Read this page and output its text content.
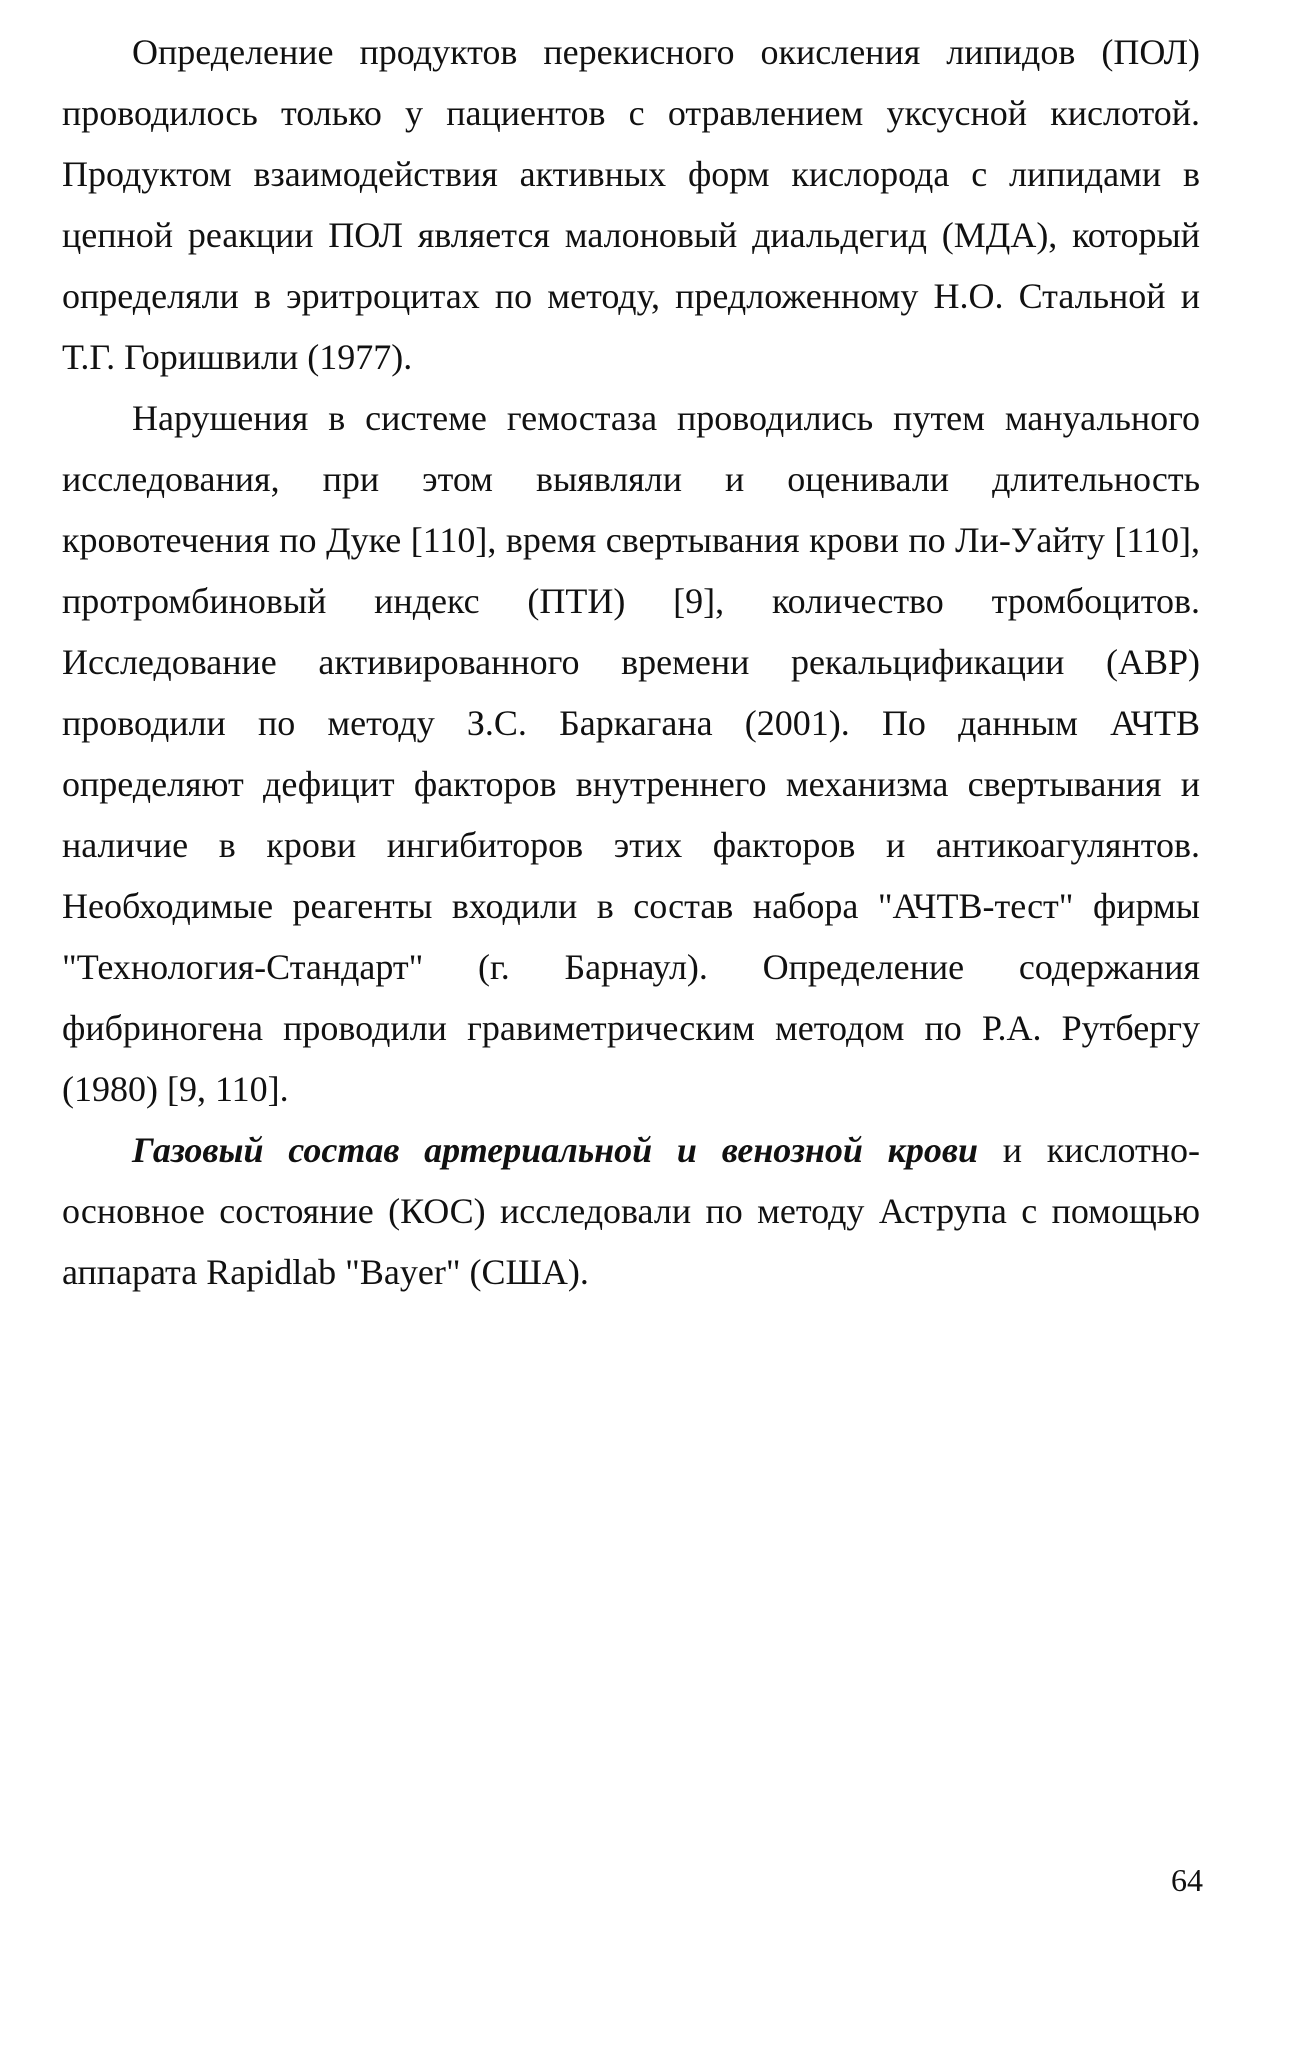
Определение продуктов перекисного окисления липидов (ПОЛ) проводилось только у пациентов с отравлением уксусной кислотой. Продуктом взаимодействия активных форм кислорода с липидами в цепной реакции ПОЛ является малоновый диальдегид (МДА), который определяли в эритроцитах по методу, предложенному Н.О. Стальной и Т.Г. Горишвили (1977).

Нарушения в системе гемостаза проводились путем мануального исследования, при этом выявляли и оценивали длительность кровотечения по Дуке [110], время свертывания крови по Ли-Уайту [110], протромбиновый индекс (ПТИ) [9], количество тромбоцитов. Исследование активированного времени рекальцификации (АВР) проводили по методу З.С. Баркагана (2001). По данным АЧТВ определяют дефицит факторов внутреннего механизма свертывания и наличие в крови ингибиторов этих факторов и антикоагулянтов. Необходимые реагенты входили в состав набора "АЧТВ-тест" фирмы "Технология-Стандарт" (г. Барнаул). Определение содержания фибриногена проводили гравиметрическим методом по Р.А. Рутбергу (1980) [9, 110].

Газовый состав артериальной и венозной крови и кислотно-основное состояние (КОС) исследовали по методу Аструпа с помощью аппарата Rapidlab "Bayer" (США).

64
